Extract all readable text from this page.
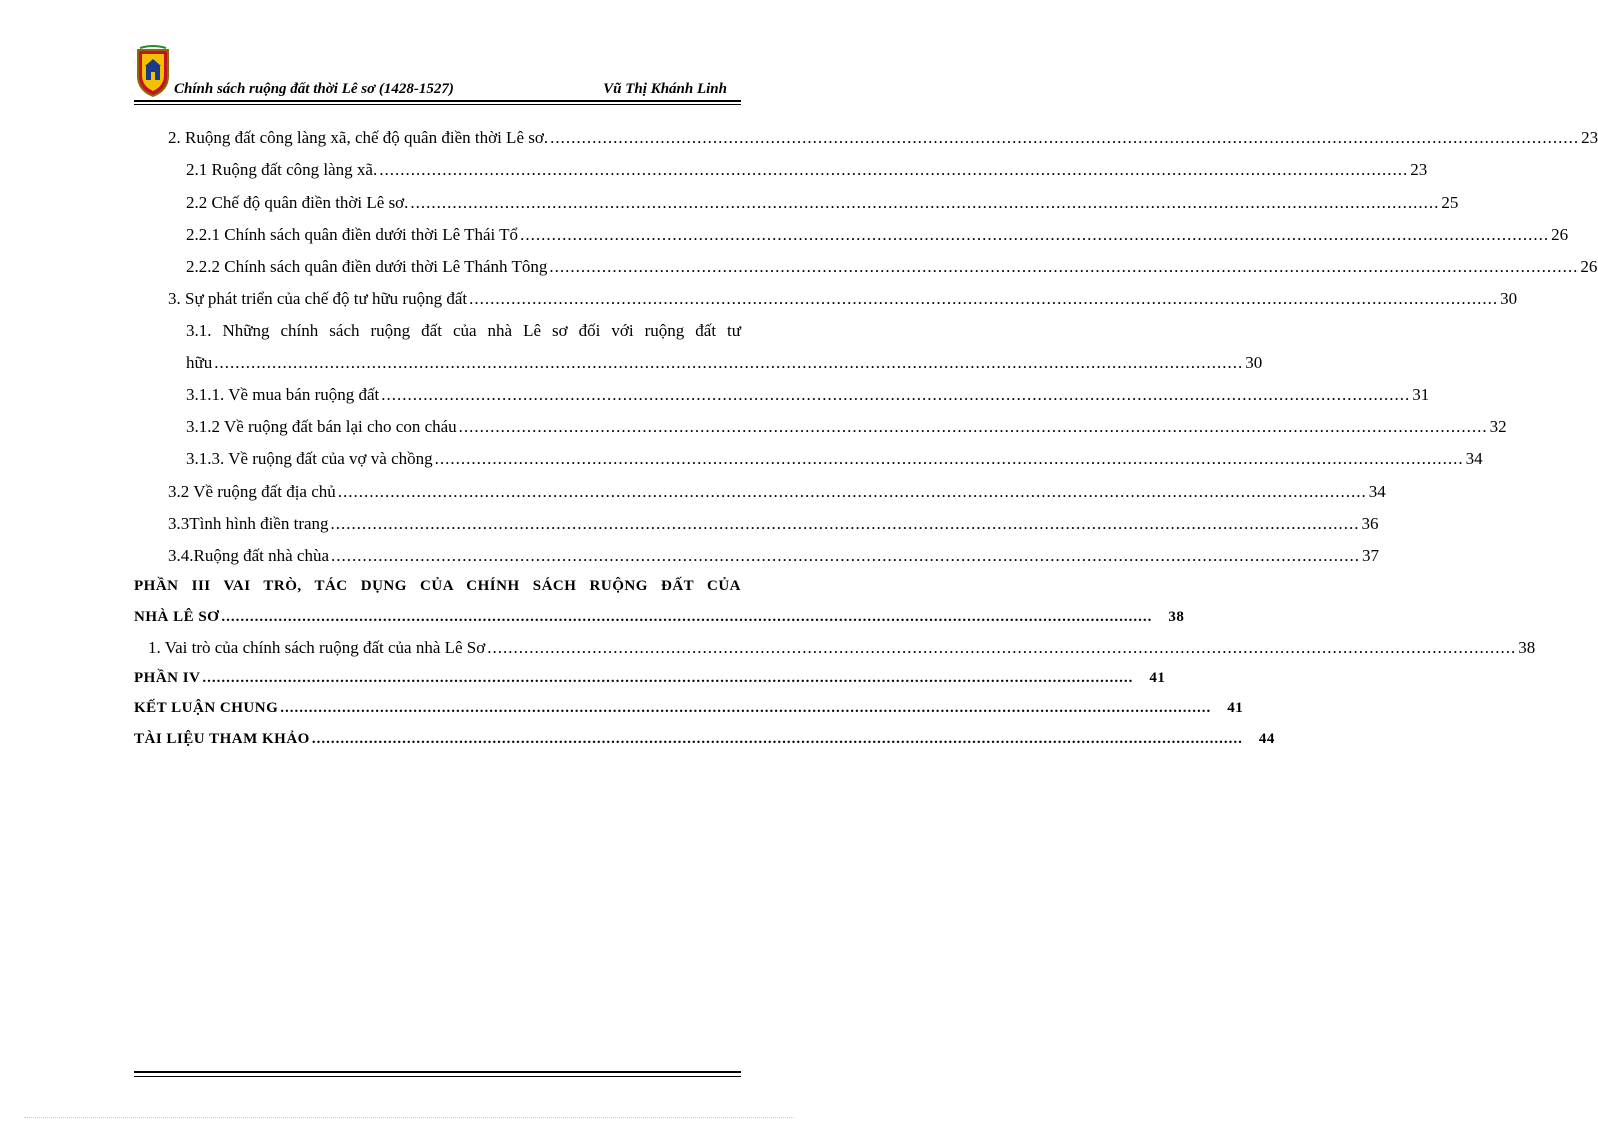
Chính sách ruộng đất thời Lê sơ (1428-1527)	Vũ Thị Khánh Linh
2. Ruộng đất công làng xã, chế độ quân điền thời Lê sơ. .................................................................................................................................................................................................... 23
2.1 Ruộng đất công làng xã. .................................................................................................................................................................................................... 23
2.2 Chế độ quân điền thời Lê sơ. .................................................................................................................................................................................................... 25
2.2.1 Chính sách quân điền dưới thời Lê Thái Tổ .................................................................................................................................................................................................... 26
2.2.2 Chính sách quân điền dưới thời Lê Thánh Tông .................................................................................................................................................................................................... 26
3. Sự phát triển của chế độ tư hữu ruộng đất .................................................................................................................................................................................................... 30
3.1. Những chính sách ruộng đất của nhà Lê sơ đối với ruộng đất tư
hữu .................................................................................................................................................................................................... 30
3.1.1. Về mua bán ruộng đất .................................................................................................................................................................................................... 31
3.1.2 Về ruộng đất bán lại cho con cháu .................................................................................................................................................................................................... 32
3.1.3. Về ruộng đất của vợ và chồng .................................................................................................................................................................................................... 34
3.2 Về ruộng đất địa chủ .................................................................................................................................................................................................... 34
3.3Tình hình điền trang .................................................................................................................................................................................................... 36
3.4.Ruộng đất nhà chùa .................................................................................................................................................................................................... 37
PHẦN III VAI TRÒ, TÁC DỤNG CỦA CHÍNH SÁCH RUỘNG ĐẤT CỦA
NHÀ LÊ SƠ .................................................................................................................................................................................................... 38
1. Vai trò của chính sách ruộng đất của nhà Lê Sơ .................................................................................................................................................................................................... 38
PHẦN IV .................................................................................................................................................................................................... 41
KẾT LUẬN CHUNG .................................................................................................................................................................................................... 41
TÀI LIỆU THAM KHẢO .................................................................................................................................................................................................... 44
